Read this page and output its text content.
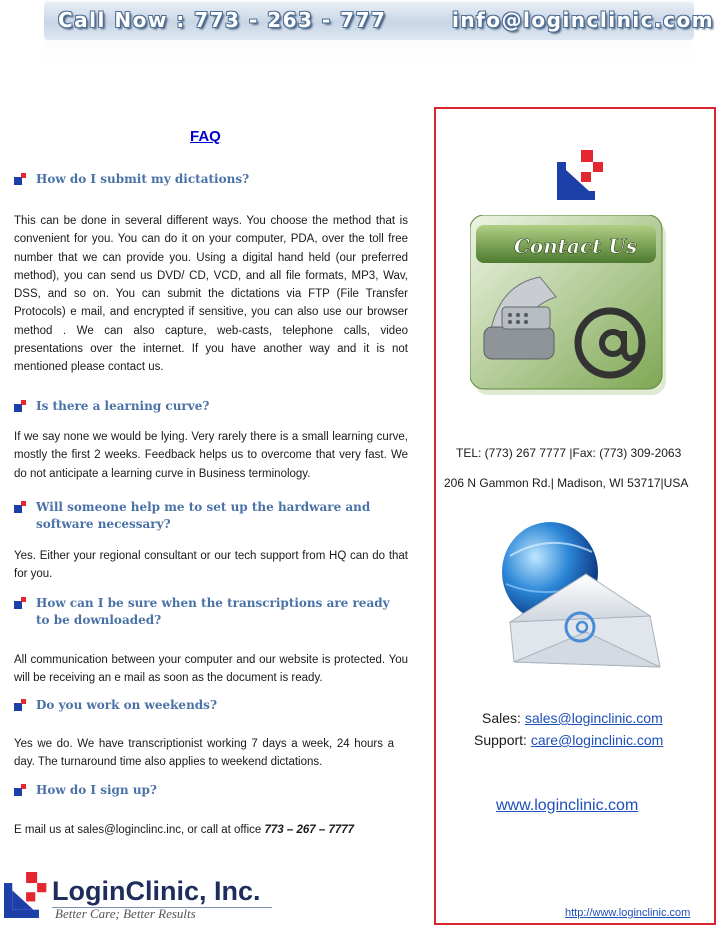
Call Now : 773 - 263 - 777	info@loginclinic.com
FAQ
How do I submit my dictations?
This can be done in several different ways. You choose the method that is convenient for you. You can do it on your computer, PDA, over the toll free number that we can provide you. Using a digital hand held (our preferred method), you can send us DVD/ CD, VCD, and all file formats, MP3, Wav, DSS, and so on. You can submit the dictations via FTP (File Transfer Protocols) e mail, and encrypted if sensitive, you can also use our browser method . We can also capture, web-casts, telephone calls, video presentations over the internet. If you have another way and it is not mentioned please contact us.
Is there a learning curve?
If we say none we would be lying. Very rarely there is a small learning curve, mostly the first 2 weeks. Feedback helps us to overcome that very fast. We do not anticipate a learning curve in Business terminology.
Will someone help me to set up the hardware and software necessary?
Yes. Either your regional consultant or our tech support from HQ can do that for you.
How can I be sure when the transcriptions are ready to be downloaded?
All communication between your computer and our website is protected. You will be receiving an e mail as soon as the document is ready.
Do you work on weekends?
Yes we do. We have transcriptionist working 7 days a week, 24 hours a day. The turnaround time also applies to weekend dictations.
How do I sign up?
E mail us at sales@loginclinc.inc, or call at office 773 – 267 – 7777
Contact Us
TEL: (773) 267 7777 |Fax: (773) 309-2063
206 N Gammon Rd.| Madison, WI 53717|USA
Sales: sales@loginclinic.com
Support: care@loginclinic.com
www.loginclinic.com
http://www.loginclinic.com
LoginClinic, Inc.
Better Care; Better Results
